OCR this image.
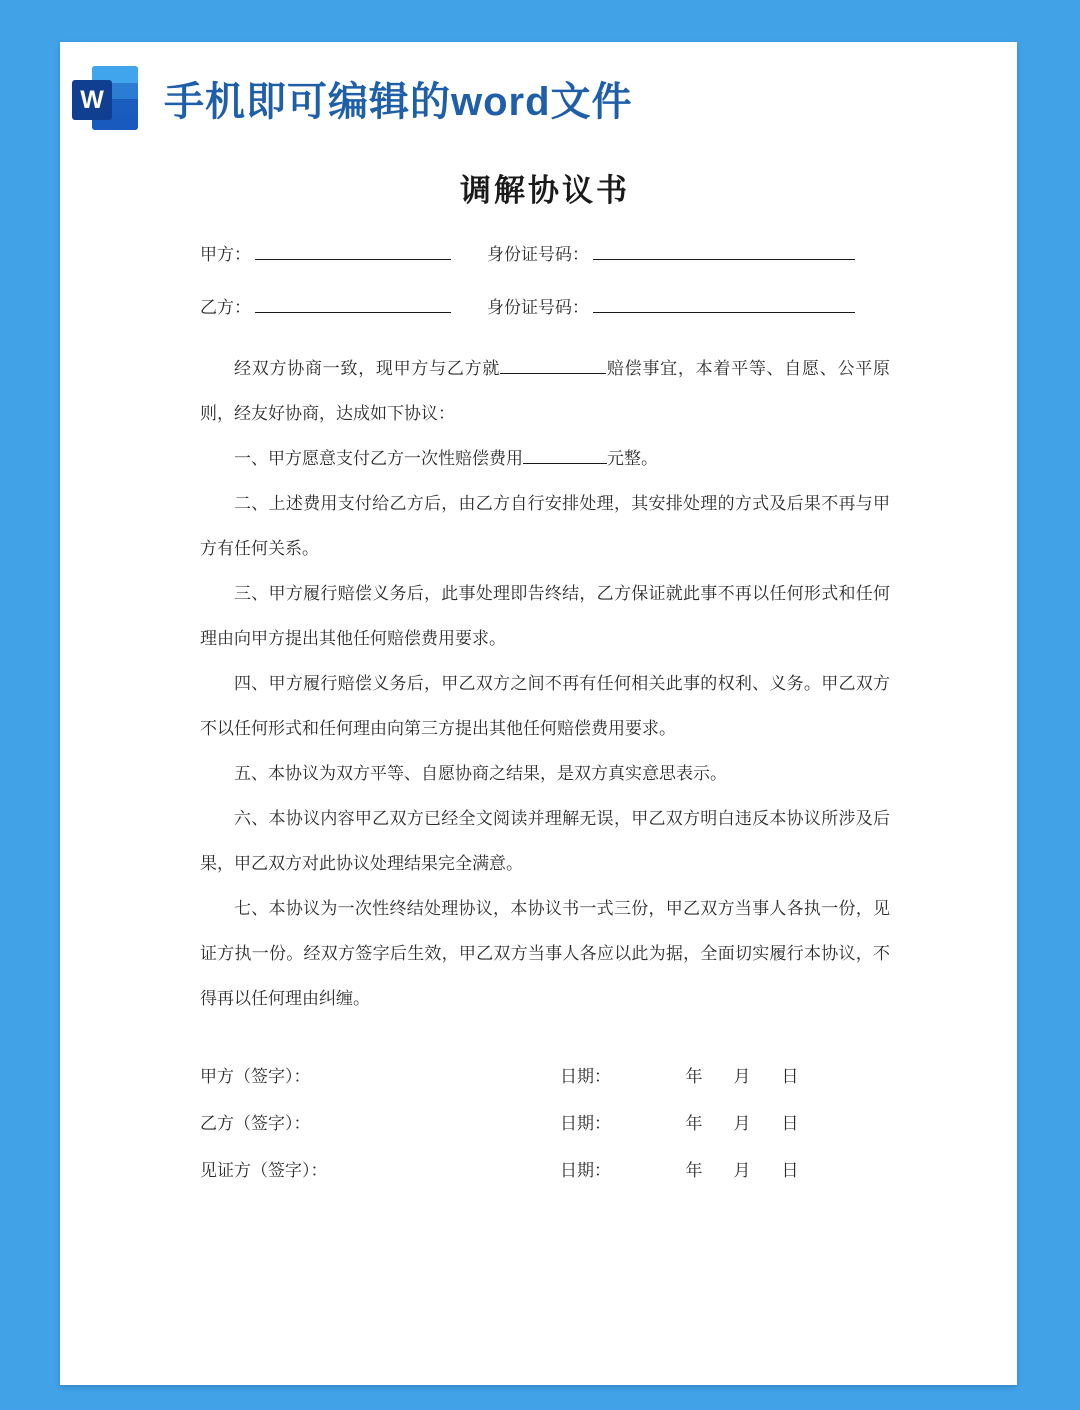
W 手机即可编辑的word文件
调解协议书
甲方：	身份证号码：
乙方：	身份证号码：

经双方协商一致，现甲方与乙方就	赔偿事宜，本着平等、自愿、公平原则，经友好协商，达成如下协议：

一、甲方愿意支付乙方一次性赔偿费用	元整。

二、上述费用支付给乙方后，由乙方自行安排处理，其安排处理的方式及后果不再与甲方有任何关系。

三、甲方履行赔偿义务后，此事处理即告终结，乙方保证就此事不再以任何形式和任何理由向甲方提出其他任何赔偿费用要求。

四、甲方履行赔偿义务后，甲乙双方之间不再有任何相关此事的权利、义务。甲乙双方不以任何形式和任何理由向第三方提出其他任何赔偿费用要求。

五、本协议为双方平等、自愿协商之结果，是双方真实意思表示。

六、本协议内容甲乙双方已经全文阅读并理解无误，甲乙双方明白违反本协议所涉及后果，甲乙双方对此协议处理结果完全满意。

七、本协议为一次性终结处理协议，本协议书一式三份，甲乙双方当事人各执一份，见证方执一份。经双方签字后生效，甲乙双方当事人各应以此为据，全面切实履行本协议，不得再以任何理由纠缠。

甲方（签字）：	日期：	年	月	日
乙方（签字）：	日期：	年	月	日
见证方（签字）：	日期：	年	月	日
